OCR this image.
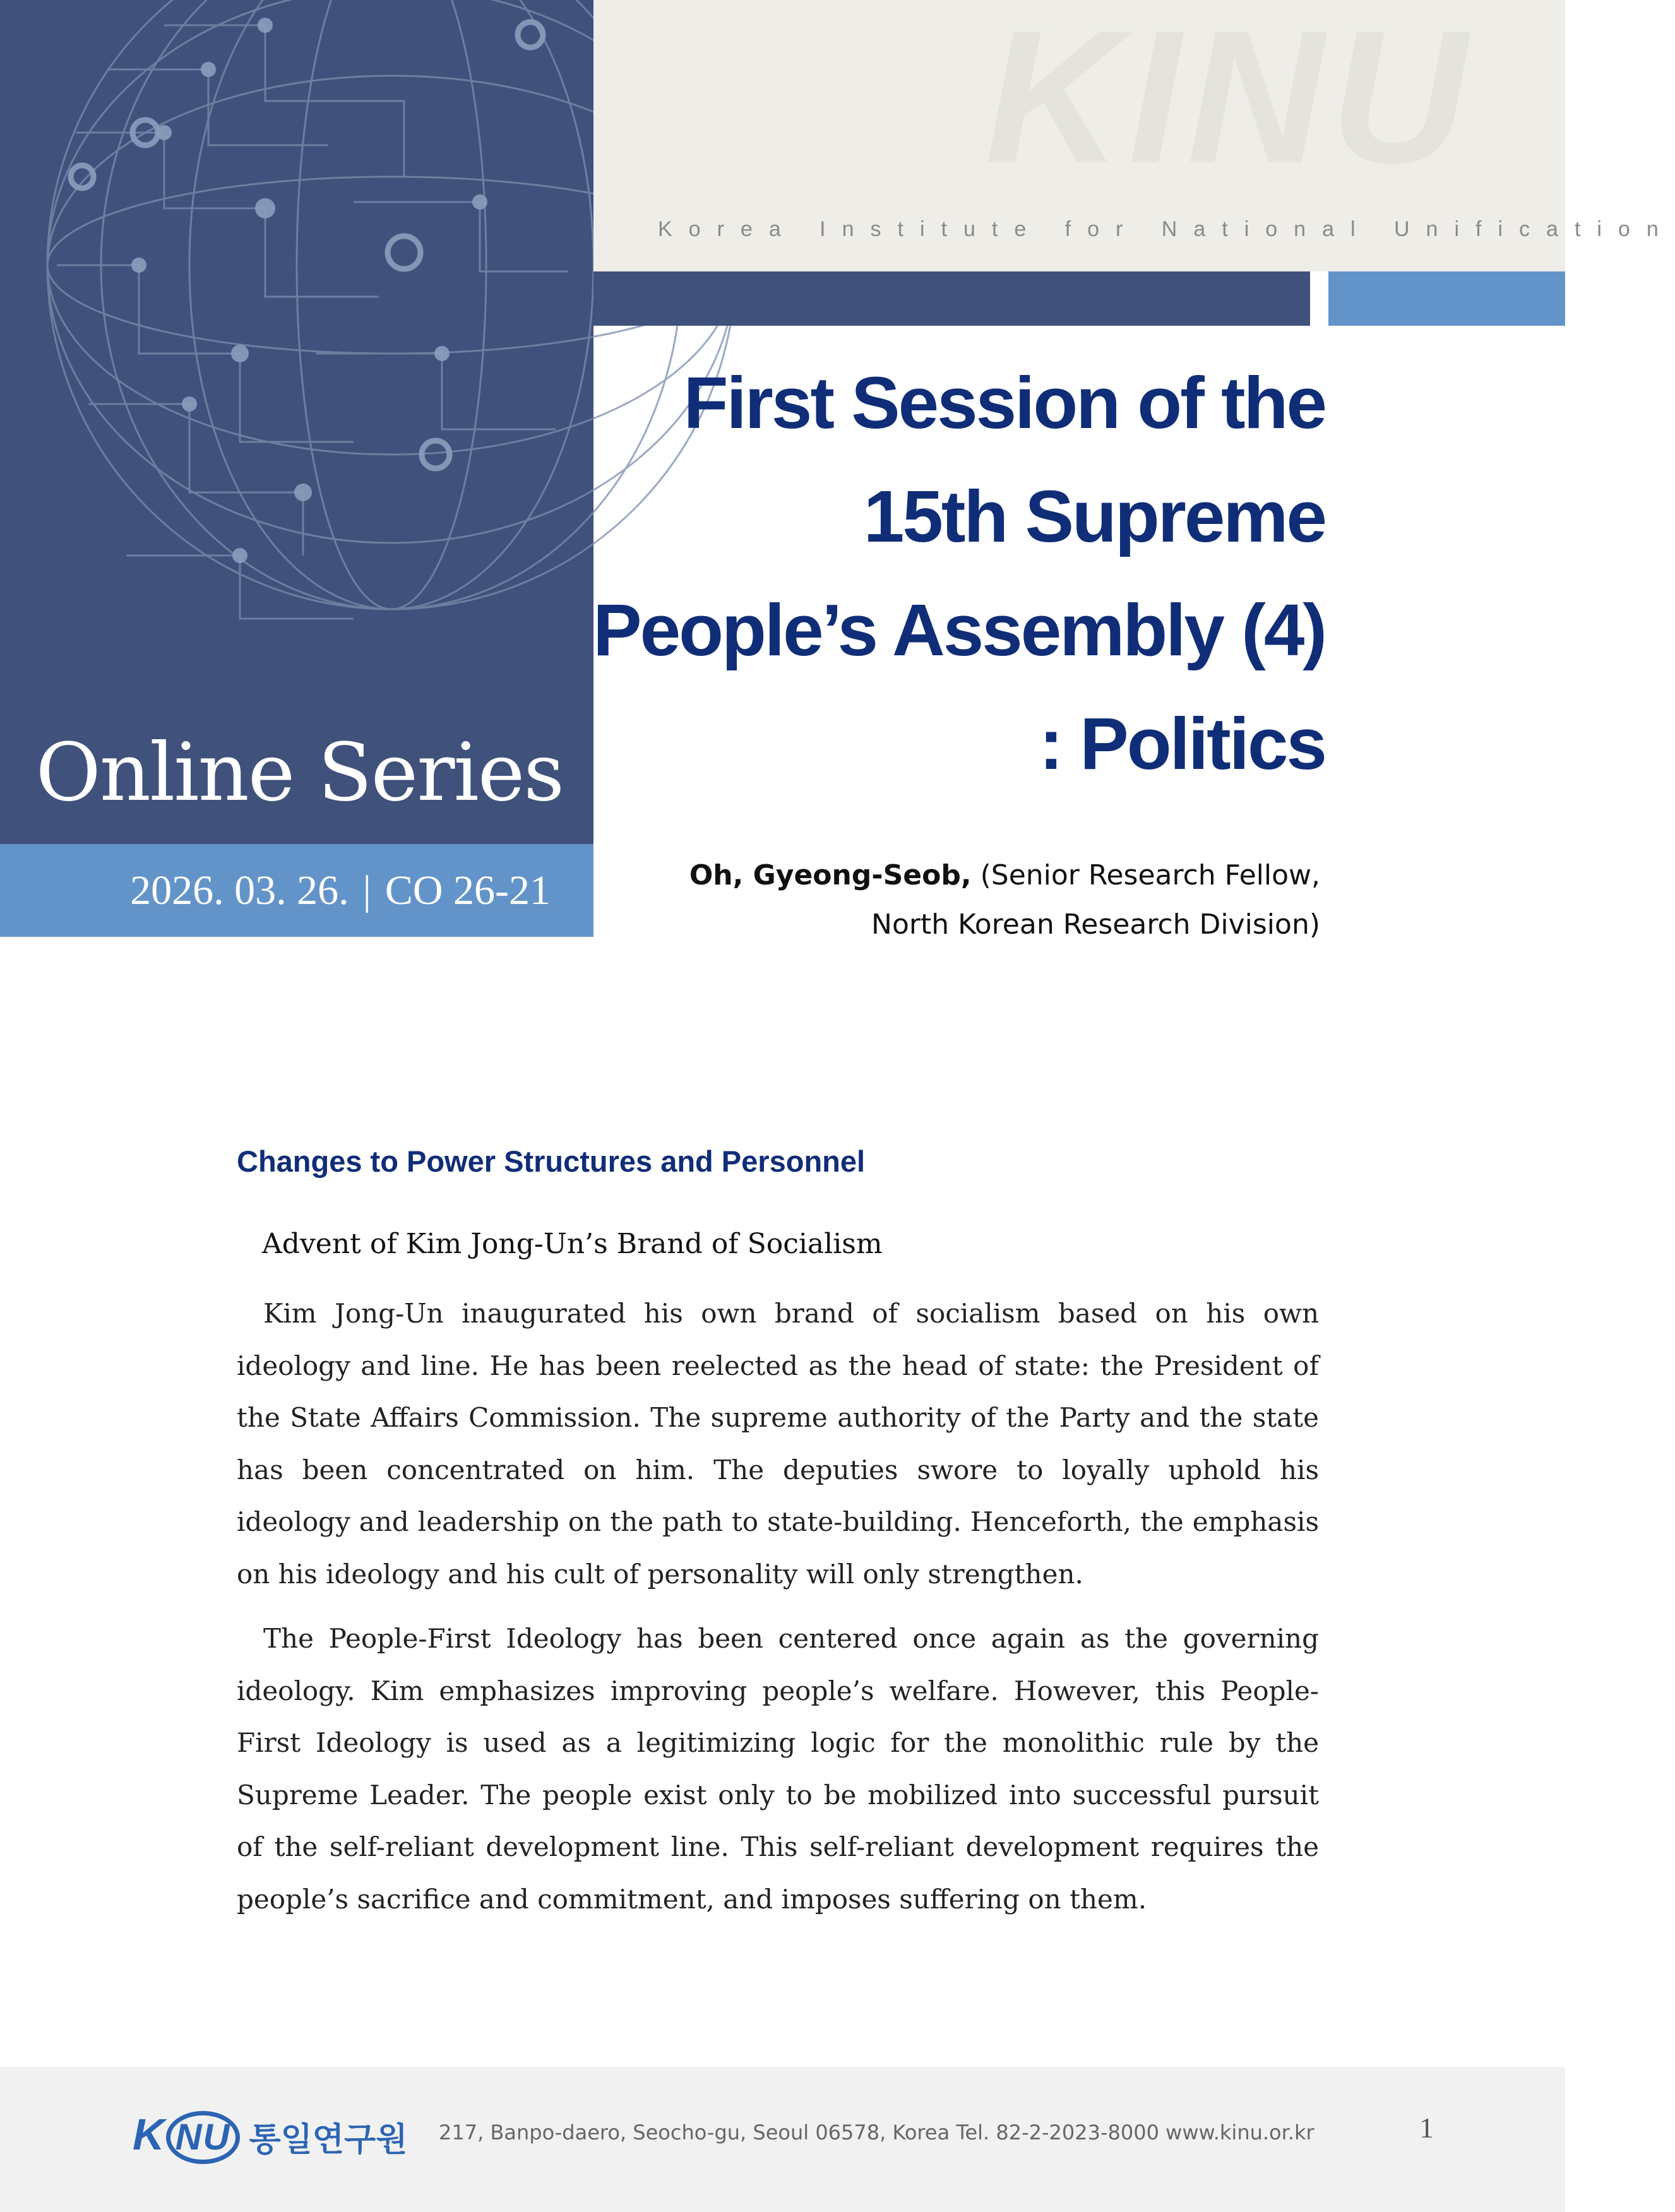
Online Series
2026. 03. 26. | CO 26-21
KINU
Korea Institute for National Unification
First Session of the
15th Supreme
People’s Assembly (4)
: Politics
Oh, Gyeong-Seob, (Senior Research Fellow,
North Korean Research Division)
Changes to Power Structures and Personnel
Advent of Kim Jong-Un’s Brand of Socialism

Kim Jong-Un inaugurated his own brand of socialism based on his own ideology and line. He has been reelected as the head of state: the President of the State Affairs Commission. The supreme authority of the Party and the state has been concentrated on him. The deputies swore to loyally uphold his ideology and leadership on the path to state-building. Henceforth, the emphasis on his ideology and his cult of personality will only strengthen.

The People-First Ideology has been centered once again as the governing ideology. Kim emphasizes improving people’s welfare. However, this People-First Ideology is used as a legitimizing logic for the monolithic rule by the Supreme Leader. The people exist only to be mobilized into successful pursuit of the self-reliant development line. This self-reliant development requires the people’s sacrifice and commitment, and imposes suffering on them.

K NU 통일연구원 217, Banpo-daero, Seocho-gu, Seoul 06578, Korea Tel. 82-2-2023-8000 www.kinu.or.kr	1
